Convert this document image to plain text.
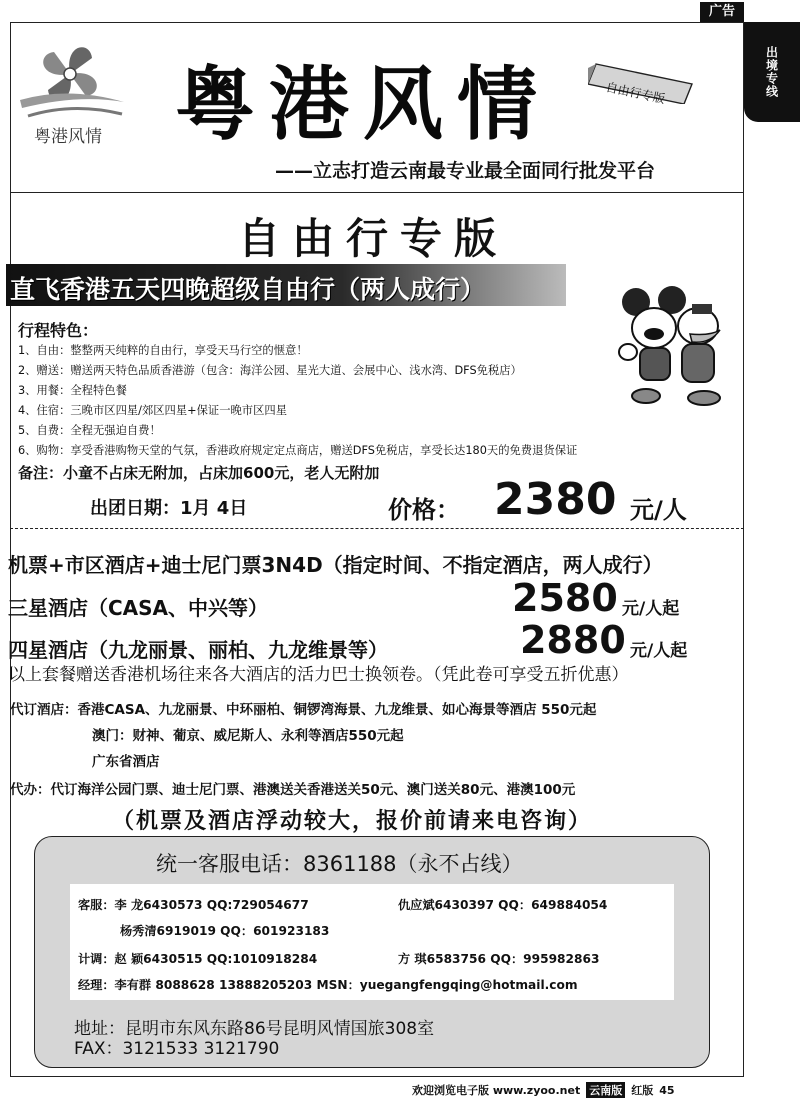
广告
出境专线
粤港风情 粤港风情	自由行专版
——立志打造云南最专业最全面同行批发平台
自由行专版
直飞香港五天四晚超级自由行（两人成行）
行程特色：
1、自由：整整两天纯粹的自由行，享受天马行空的惬意！
2、赠送：赠送两天特色品质香港游（包含：海洋公园、星光大道、会展中心、浅水湾、DFS免税店）
3、用餐：全程特色餐
4、住宿：三晚市区四星/郊区四星+保证一晚市区四星
5、自费：全程无强迫自费！
6、购物：享受香港购物天堂的气氛，香港政府规定定点商店，赠送DFS免税店，享受长达180天的免费退货保证
备注：小童不占床无附加，占床加600元，老人无附加
出团日期：1月 4日	价格： 2380 元/人
机票+市区酒店+迪士尼门票3N4D（指定时间、不指定酒店，两人成行）
三星酒店（CASA、中兴等）	2580 元/人起
四星酒店（九龙丽景、丽柏、九龙维景等）	2880 元/人起
以上套餐赠送香港机场往来各大酒店的活力巴士换领卷。（凭此卷可享受五折优惠）
代订酒店：香港CASA、九龙丽景、中环丽柏、铜锣湾海景、九龙维景、如心海景等酒店 550元起
澳门：财神、葡京、威尼斯人、永利等酒店550元起
广东省酒店
代办：代订海洋公园门票、迪士尼门票、港澳送关香港送关50元、澳门送关80元、港澳100元
（机票及酒店浮动较大，报价前请来电咨询）
统一客服电话：8361188（永不占线）
客服：李 龙6430573 QQ:729054677	仇应斌6430397 QQ：649884054
杨秀清6919019 QQ：601923183
计调：赵 颖6430515 QQ:1010918284	方 琪6583756 QQ：995982863
经理：李有群 8088628 13888205203 MSN：yuegangfengqing@hotmail.com
地址：昆明市东风东路86号昆明风情国旅308室
FAX：3121533 3121790
欢迎浏览电子版 www.zyoo.net 云南版 红版 45
